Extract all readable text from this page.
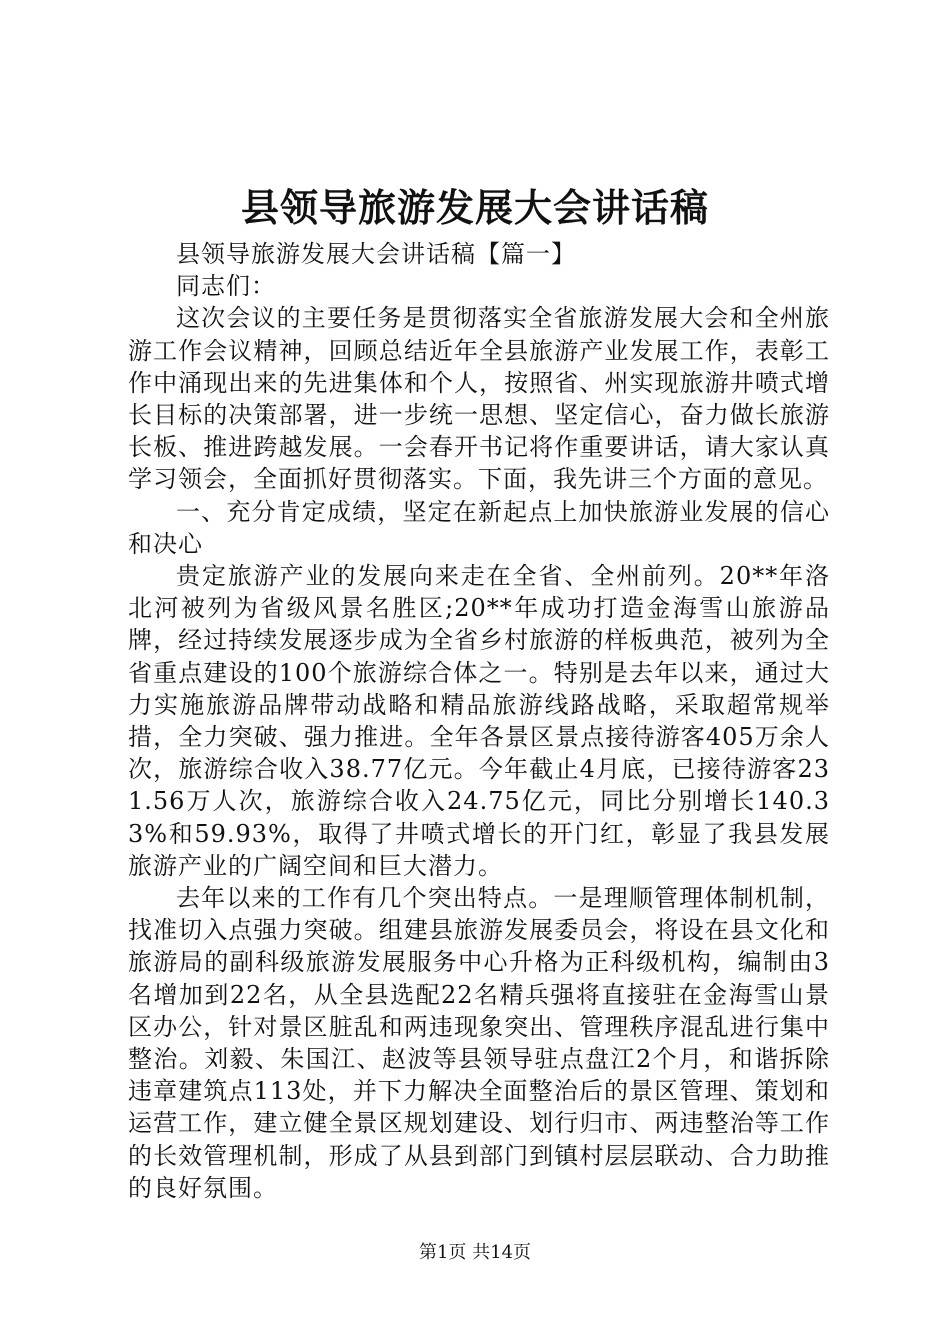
县领导旅游发展大会讲话稿

县领导旅游发展大会讲话稿【篇一】

同志们：

这次会议的主要任务是贯彻落实全省旅游发展大会和全州旅游工作会议精神，回顾总结近年全县旅游产业发展工作，表彰工作中涌现出来的先进集体和个人，按照省、州实现旅游井喷式增长目标的决策部署，进一步统一思想、坚定信心，奋力做长旅游长板、推进跨越发展。一会春开书记将作重要讲话，请大家认真学习领会，全面抓好贯彻落实。下面，我先讲三个方面的意见。

一、充分肯定成绩，坚定在新起点上加快旅游业发展的信心和决心

贵定旅游产业的发展向来走在全省、全州前列。20**年洛北河被列为省级风景名胜区;20**年成功打造金海雪山旅游品牌，经过持续发展逐步成为全省乡村旅游的样板典范，被列为全省重点建设的100个旅游综合体之一。特别是去年以来，通过大力实施旅游品牌带动战略和精品旅游线路战略，采取超常规举措，全力突破、强力推进。全年各景区景点接待游客405万余人次，旅游综合收入38.77亿元。今年截止4月底，已接待游客231.56万人次，旅游综合收入24.75亿元，同比分别增长140.33%和59.93%，取得了井喷式增长的开门红，彰显了我县发展旅游产业的广阔空间和巨大潜力。

去年以来的工作有几个突出特点。一是理顺管理体制机制，找准切入点强力突破。组建县旅游发展委员会，将设在县文化和旅游局的副科级旅游发展服务中心升格为正科级机构，编制由3名增加到22名，从全县选配22名精兵强将直接驻在金海雪山景区办公，针对景区脏乱和两违现象突出、管理秩序混乱进行集中整治。刘毅、朱国江、赵波等县领导驻点盘江2个月，和谐拆除违章建筑点113处，并下力解决全面整治后的景区管理、策划和运营工作，建立健全景区规划建设、划行归市、两违整治等工作的长效管理机制，形成了从县到部门到镇村层层联动、合力助推的良好氛围。

第1页 共14页
